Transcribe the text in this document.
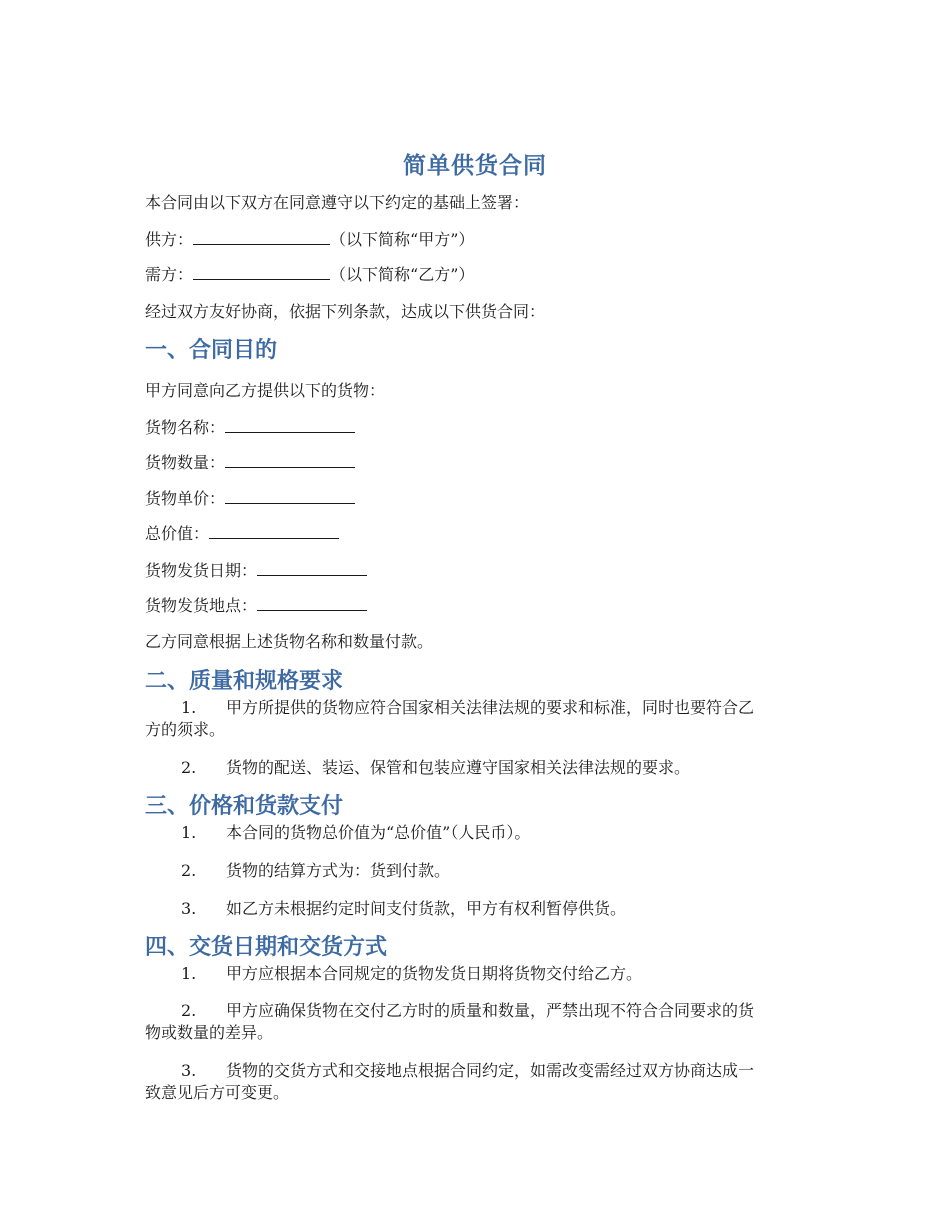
简单供货合同
本合同由以下双方在同意遵守以下约定的基础上签署：
供方：	（以下简称“甲方”）
需方：	（以下简称“乙方”）
经过双方友好协商，依据下列条款，达成以下供货合同：
一、合同目的
甲方同意向乙方提供以下的货物：
货物名称：
货物数量：
货物单价：
总价值：
货物发货日期：
货物发货地点：
乙方同意根据上述货物名称和数量付款。
二、质量和规格要求
1.	甲方所提供的货物应符合国家相关法律法规的要求和标准，同时也要符合乙
方的须求。
2.	货物的配送、装运、保管和包装应遵守国家相关法律法规的要求。
三、价格和货款支付
1.	本合同的货物总价值为“总价值”（人民币）。
2.	货物的结算方式为：货到付款。
3.	如乙方未根据约定时间支付货款，甲方有权利暂停供货。
四、交货日期和交货方式
1.	甲方应根据本合同规定的货物发货日期将货物交付给乙方。
2.	甲方应确保货物在交付乙方时的质量和数量，严禁出现不符合合同要求的货
物或数量的差异。
3.	货物的交货方式和交接地点根据合同约定，如需改变需经过双方协商达成一
致意见后方可变更。
